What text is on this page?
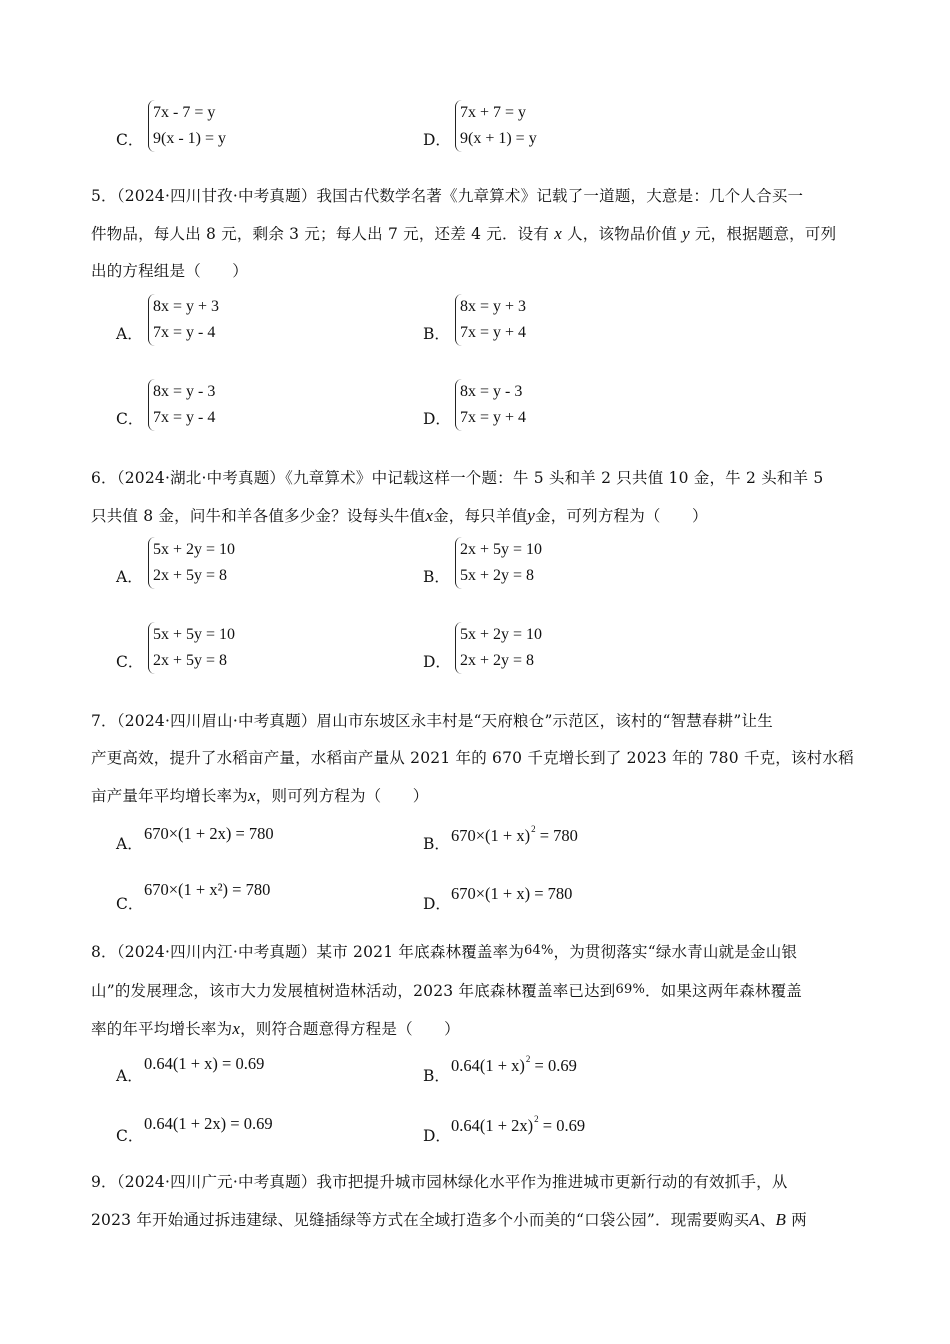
C．
7x - 7 = y
9(x - 1) = y	D．
7x + 7 = y
9(x + 1) = y
5．（2024·四川甘孜·中考真题）我国古代数学名著《九章算术》记载了一道题，大意是：几个人合买一
件物品，每人出 8 元，剩余 3 元；每人出 7 元，还差 4 元．设有 x 人，该物品价值 y 元，根据题意，可列
出的方程组是（　　）
A．
8x = y + 3
7x = y - 4	B．
8x = y + 3
7x = y + 4
C．
8x = y - 3
7x = y - 4	D．
8x = y - 3
7x = y + 4
6．（2024·湖北·中考真题）《九章算术》中记载这样一个题：牛 5 头和羊 2 只共值 10 金，牛 2 头和羊 5
只共值 8 金，问牛和羊各值多少金？设每头牛值x金，每只羊值y金，可列方程为（　　）
A．
5x + 2y = 10
2x + 5y = 8	B．
2x + 5y = 10
5x + 2y = 8
C．
5x + 5y = 10
2x + 5y = 8	D．
5x + 2y = 10
2x + 2y = 8
7．（2024·四川眉山·中考真题）眉山市东坡区永丰村是“天府粮仓”示范区，该村的“智慧春耕”让生
产更高效，提升了水稻亩产量，水稻亩产量从 2021 年的 670 千克增长到了 2023 年的 780 千克，该村水稻
亩产量年平均增长率为x，则可列方程为（　　）
A．
670×(1 + 2x) = 780
B． $670\times(1 + x)^2 = 780$
C．
670×(1 + x²) = 780
D．
670×(1 + x) = 780
8．（2024·四川内江·中考真题）某市 2021 年底森林覆盖率为64%，为贯彻落实“绿水青山就是金山银
山”的发展理念，该市大力发展植树造林活动，2023 年底森林覆盖率已达到69%．如果这两年森林覆盖
率的年平均增长率为x，则符合题意得方程是（　　）
A．
0.64(1 + x) = 0.69
B．
$0.64(1 + x)^2 = 0.69$
C．
0.64(1 + 2x) = 0.69
D．
$0.64(1 + 2x)^2 = 0.69$
9．（2024·四川广元·中考真题）我市把提升城市园林绿化水平作为推进城市更新行动的有效抓手，从
2023 年开始通过拆违建绿、见缝插绿等方式在全域打造多个小而美的“口袋公园”．现需要购买A、B 两
